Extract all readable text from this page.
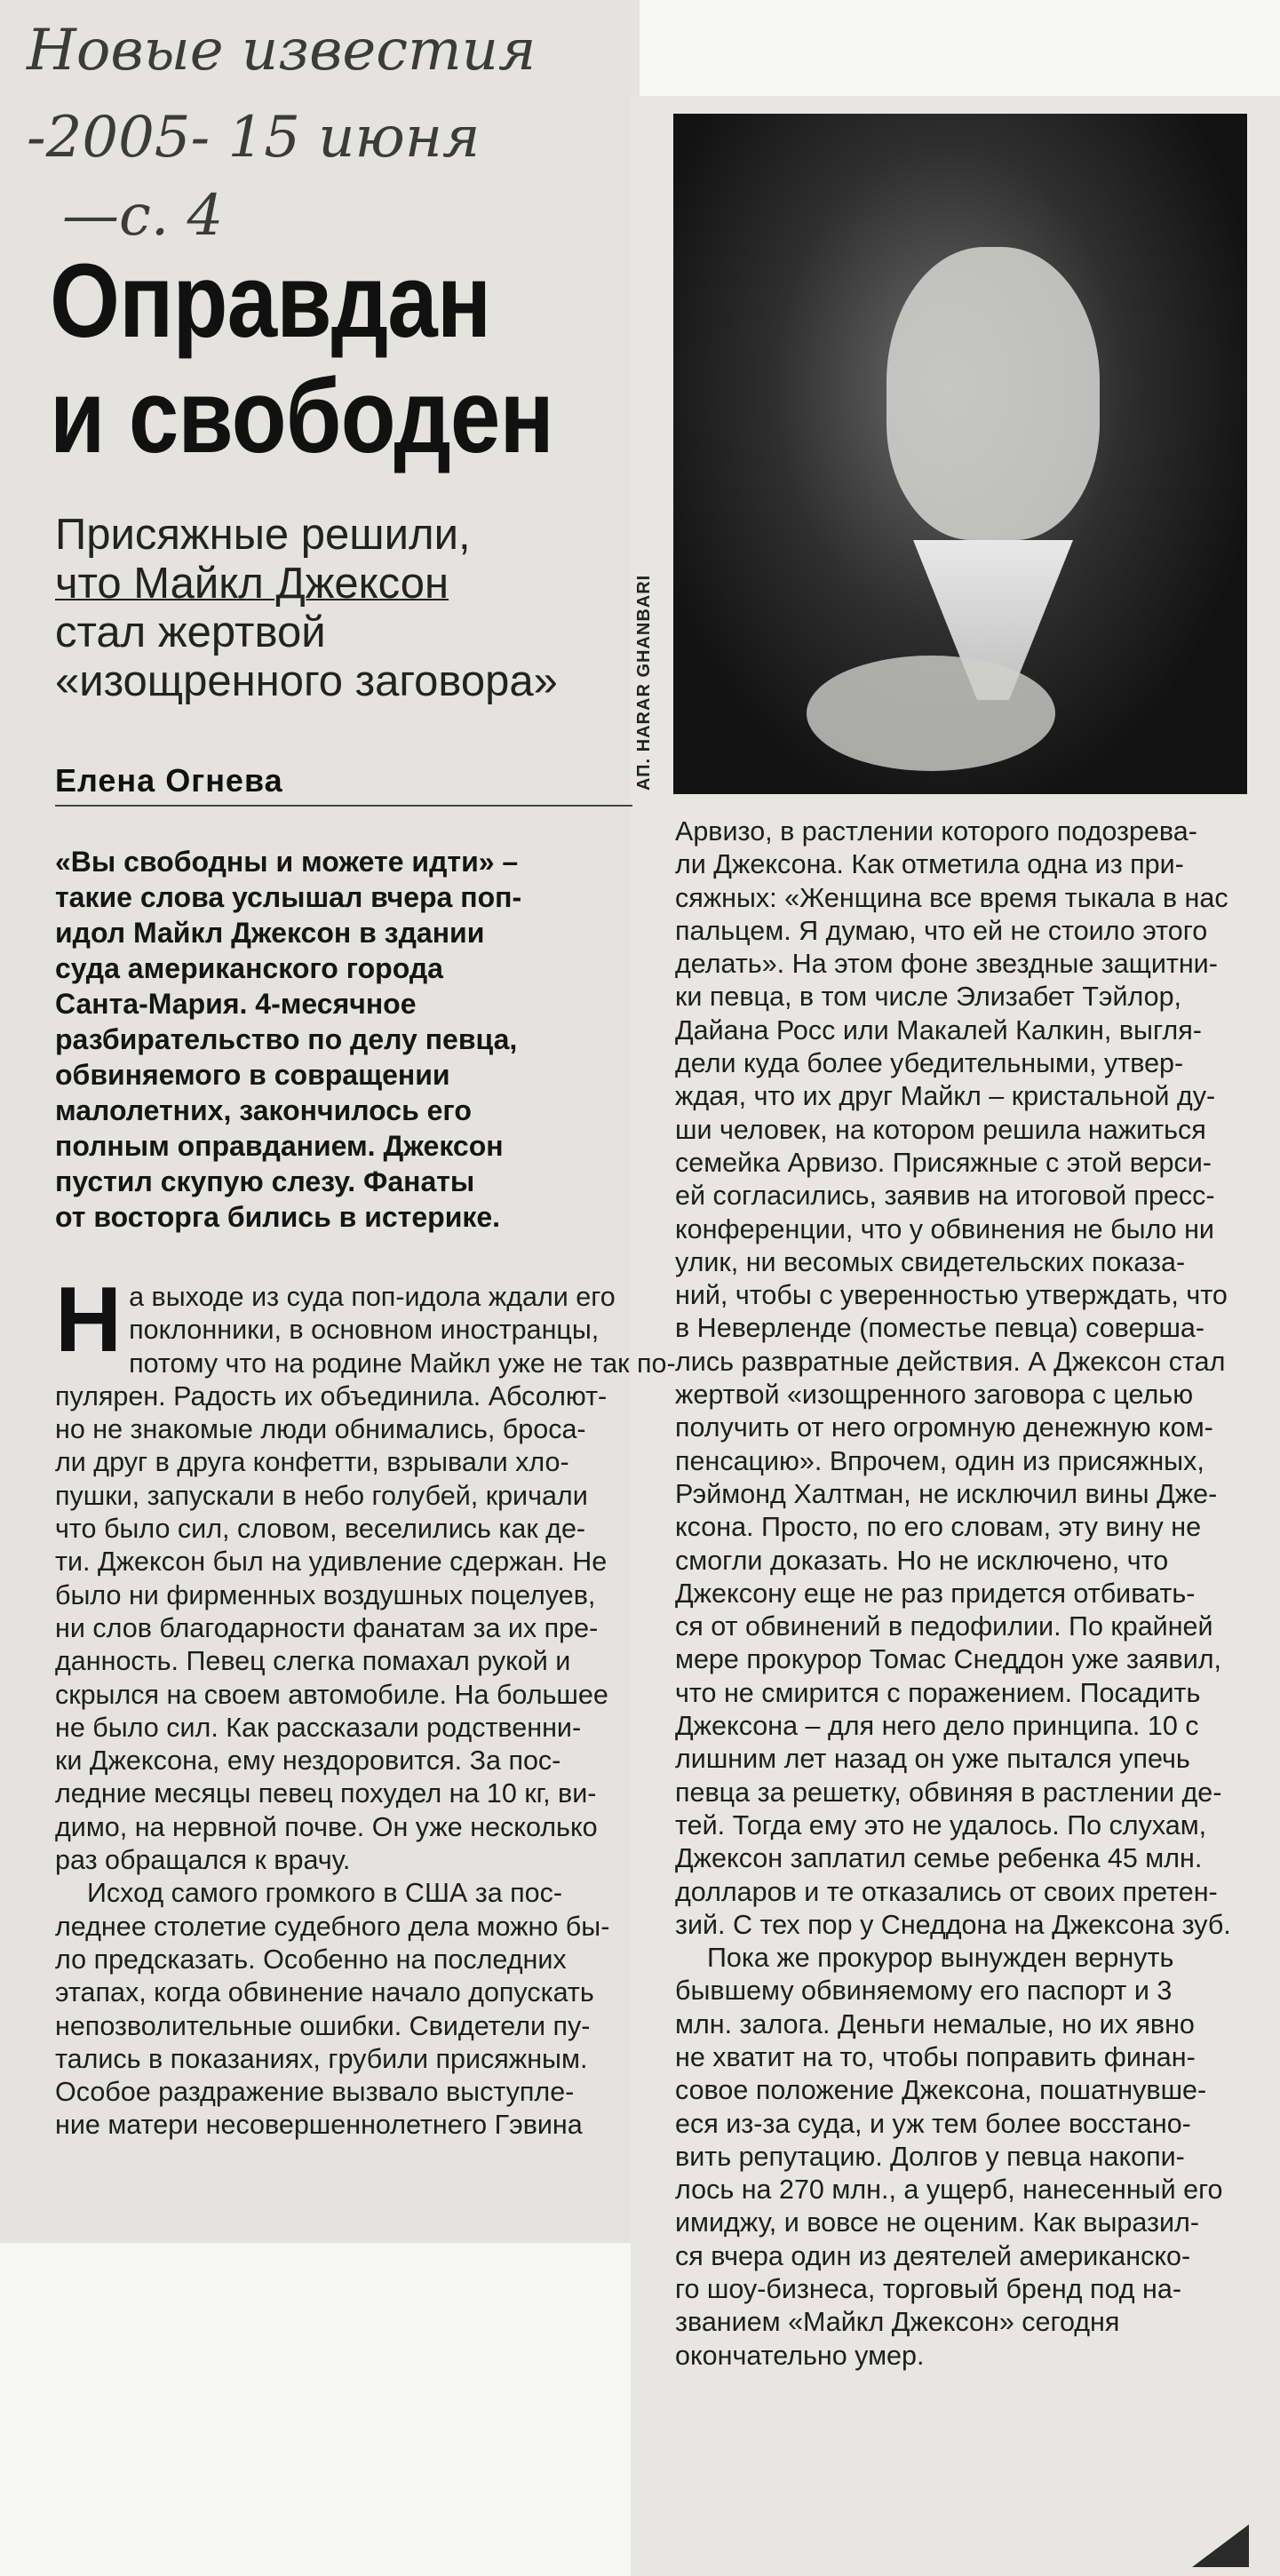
Новые известия
-2005- 15 июня
—с. 4
Оправдан
и свободен
Присяжные решили,
что Майкл Джексон
стал жертвой
«изощренного заговора»
Елена Огнева
«Вы свободны и можете идти» –
такие слова услышал вчера поп-
идол Майкл Джексон в здании
суда американского города
Санта-Мария. 4-месячное
разбирательство по делу певца,
обвиняемого в совращении
малолетних, закончилось его
полным оправданием. Джексон
пустил скупую слезу. Фанаты
от восторга бились в истерике.
АП. HARAR GHANBARI
Н а выходе из суда поп-идола ждали его
поклонники, в основном иностранцы,
потому что на родине Майкл уже не так по-
пулярен. Радость их объединила. Абсолют-
но не знакомые люди обнимались, броса-
ли друг в друга конфетти, взрывали хло-
пушки, запускали в небо голубей, кричали
что было сил, словом, веселились как де-
ти. Джексон был на удивление сдержан. Не
было ни фирменных воздушных поцелуев,
ни слов благодарности фанатам за их пре-
данность. Певец слегка помахал рукой и
скрылся на своем автомобиле. На большее
не было сил. Как рассказали родственни-
ки Джексона, ему нездоровится. За пос-
ледние месяцы певец похудел на 10 кг, ви-
димо, на нервной почве. Он уже несколько
раз обращался к врачу.
Исход самого громкого в США за пос-
леднее столетие судебного дела можно бы-
ло предсказать. Особенно на последних
этапах, когда обвинение начало допускать
непозволительные ошибки. Свидетели пу-
тались в показаниях, грубили присяжным.
Особое раздражение вызвало выступле-
ние матери несовершеннолетнего Гэвина
Арвизо, в растлении которого подозрева-
ли Джексона. Как отметила одна из при-
сяжных: «Женщина все время тыкала в нас
пальцем. Я думаю, что ей не стоило этого
делать». На этом фоне звездные защитни-
ки певца, в том числе Элизабет Тэйлор,
Дайана Росс или Макалей Калкин, выгля-
дели куда более убедительными, утвер-
ждая, что их друг Майкл – кристальной ду-
ши человек, на котором решила нажиться
семейка Арвизо. Присяжные с этой верси-
ей согласились, заявив на итоговой пресс-
конференции, что у обвинения не было ни
улик, ни весомых свидетельских показа-
ний, чтобы с уверенностью утверждать, что
в Неверленде (поместье певца) соверша-
лись развратные действия. А Джексон стал
жертвой «изощренного заговора с целью
получить от него огромную денежную ком-
пенсацию». Впрочем, один из присяжных,
Рэймонд Халтман, не исключил вины Дже-
ксона. Просто, по его словам, эту вину не
смогли доказать. Но не исключено, что
Джексону еще не раз придется отбивать-
ся от обвинений в педофилии. По крайней
мере прокурор Томас Снеддон уже заявил,
что не смирится с поражением. Посадить
Джексона – для него дело принципа. 10 с
лишним лет назад он уже пытался упечь
певца за решетку, обвиняя в растлении де-
тей. Тогда ему это не удалось. По слухам,
Джексон заплатил семье ребенка 45 млн.
долларов и те отказались от своих претен-
зий. С тех пор у Снеддона на Джексона зуб.
Пока же прокурор вынужден вернуть
бывшему обвиняемому его паспорт и 3
млн. залога. Деньги немалые, но их явно
не хватит на то, чтобы поправить финан-
совое положение Джексона, пошатнувше-
еся из-за суда, и уж тем более восстано-
вить репутацию. Долгов у певца накопи-
лось на 270 млн., а ущерб, нанесенный его
имиджу, и вовсе не оценим. Как выразил-
ся вчера один из деятелей американско-
го шоу-бизнеса, торговый бренд под на-
званием «Майкл Джексон» сегодня
окончательно умер.
